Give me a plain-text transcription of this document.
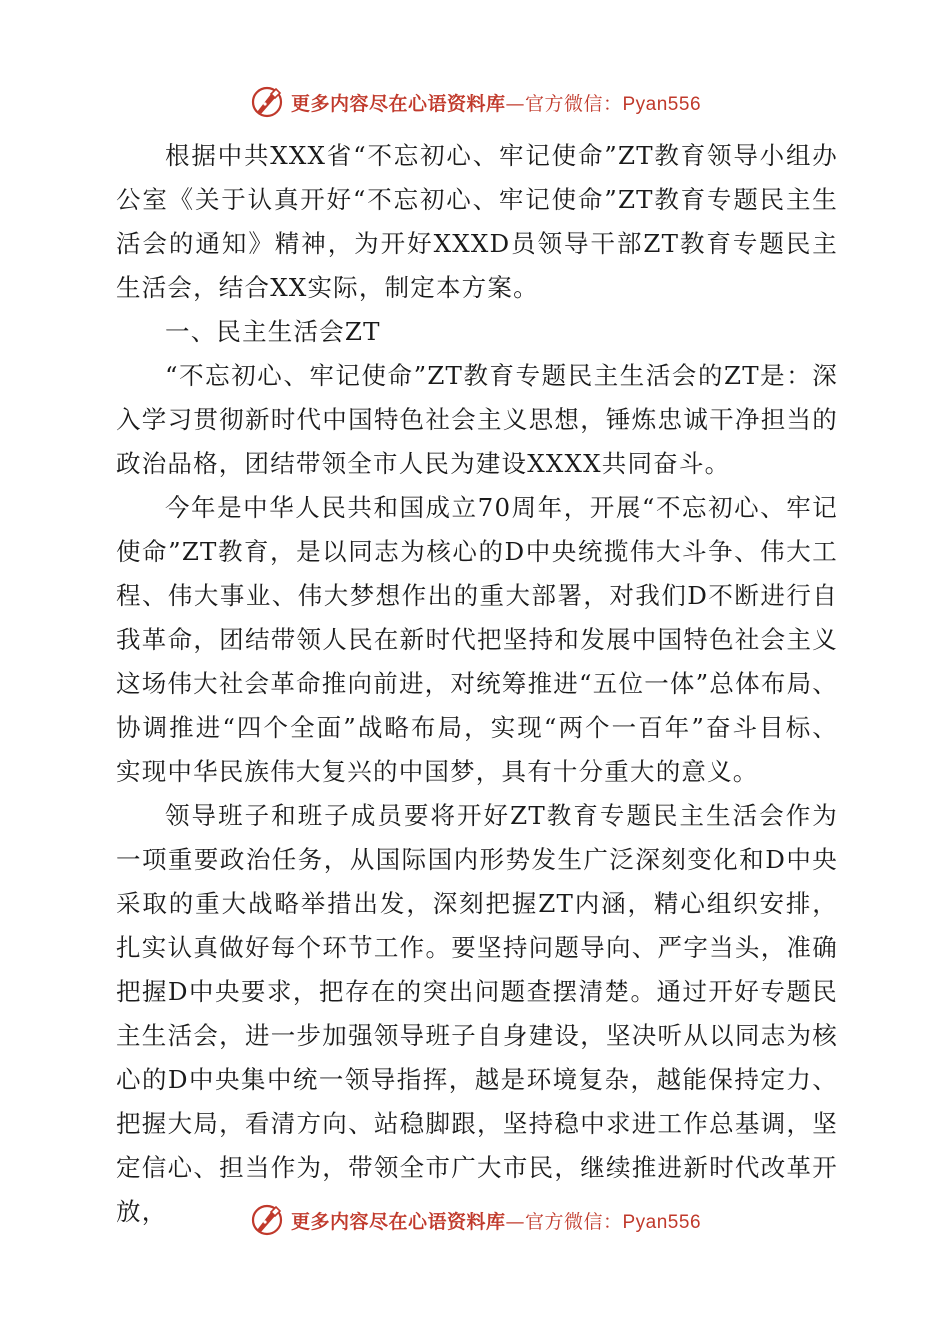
更多内容尽在心语资料库—官方微信：Pyan556

根据中共XXX省“不忘初心、牢记使命”ZT教育领导小组办公室《关于认真开好“不忘初心、牢记使命”ZT教育专题民主生活会的通知》精神，为开好XXXD员领导干部ZT教育专题民主生活会，结合XX实际，制定本方案。

一、民主生活会ZT

“不忘初心、牢记使命”ZT教育专题民主生活会的ZT是：深入学习贯彻新时代中国特色社会主义思想，锤炼忠诚干净担当的政治品格，团结带领全市人民为建设XXXX共同奋斗。

今年是中华人民共和国成立70周年，开展“不忘初心、牢记使命”ZT教育，是以同志为核心的D中央统揽伟大斗争、伟大工程、伟大事业、伟大梦想作出的重大部署，对我们D不断进行自我革命，团结带领人民在新时代把坚持和发展中国特色社会主义这场伟大社会革命推向前进，对统筹推进“五位一体”总体布局、协调推进“四个全面”战略布局，实现“两个一百年”奋斗目标、实现中华民族伟大复兴的中国梦，具有十分重大的意义。

领导班子和班子成员要将开好ZT教育专题民主生活会作为一项重要政治任务，从国际国内形势发生广泛深刻变化和D中央采取的重大战略举措出发，深刻把握ZT内涵，精心组织安排，扎实认真做好每个环节工作。要坚持问题导向、严字当头，准确把握D中央要求，把存在的突出问题查摆清楚。通过开好专题民主生活会，进一步加强领导班子自身建设，坚决听从以同志为核心的D中央集中统一领导指挥，越是环境复杂，越能保持定力、把握大局，看清方向、站稳脚跟，坚持稳中求进工作总基调，坚定信心、担当作为，带领全市广大市民，继续推进新时代改革开放，	更多内容尽在心语资料库—官方微信：Pyan556
